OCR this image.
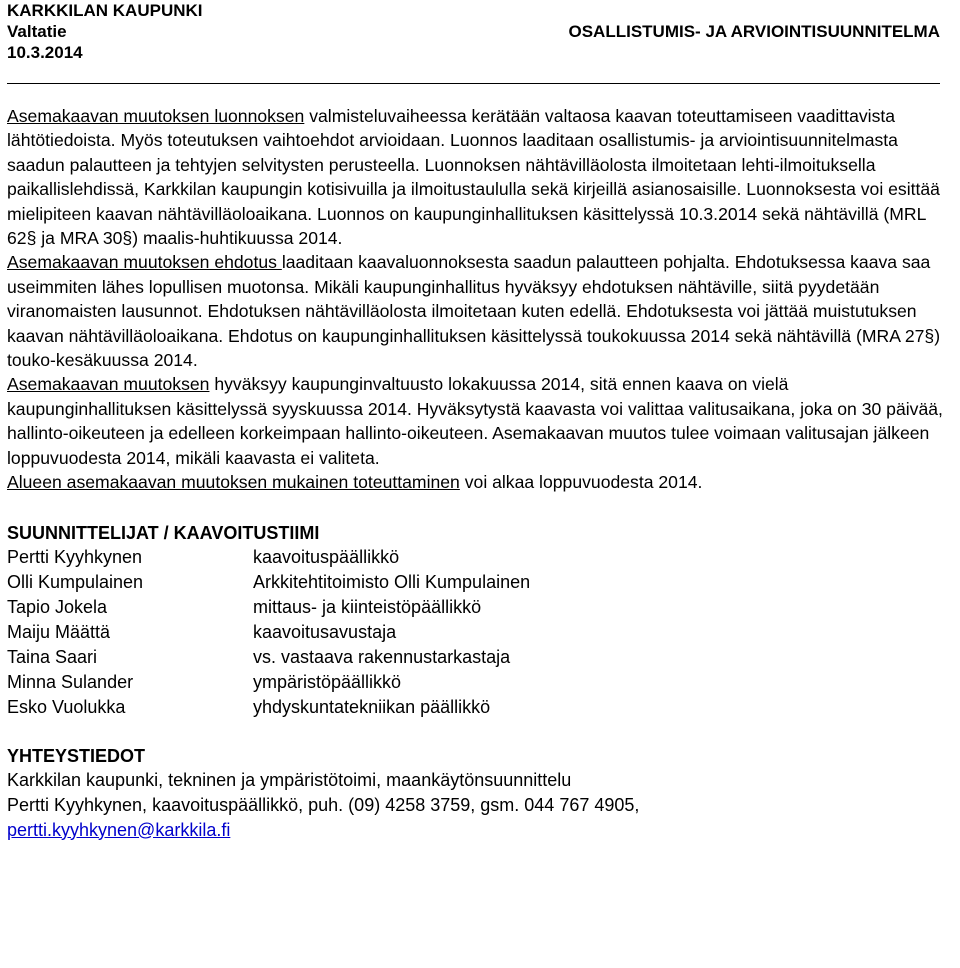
KARKKILAN KAUPUNKI
Valtatie	OSALLISTUMIS- JA ARVIOINTISUUNNITELMA
10.3.2014

Asemakaavan muutoksen luonnoksen valmisteluvaiheessa kerätään valtaosa kaavan toteuttamiseen vaadittavista lähtötiedoista. Myös toteutuksen vaihtoehdot arvioidaan. Luonnos laaditaan osallistumis- ja arviointisuunnitelmasta saadun palautteen ja tehtyjen selvitysten perusteella. Luonnoksen nähtävilläolosta ilmoitetaan lehti-ilmoituksella paikallislehdissä, Karkkilan kaupungin kotisivuilla ja ilmoitustaululla sekä kirjeillä asianosaisille. Luonnoksesta voi esittää mielipiteen kaavan nähtävilläoloaikana. Luonnos on kaupunginhallituksen käsittelyssä 10.3.2014 sekä nähtävillä (MRL 62§ ja MRA 30§) maalis-huhtikuussa 2014.

Asemakaavan muutoksen ehdotus laaditaan kaavaluonnoksesta saadun palautteen pohjalta. Ehdotuksessa kaava saa useimmiten lähes lopullisen muotonsa. Mikäli kaupunginhallitus hyväksyy ehdotuksen nähtäville, siitä pyydetään viranomaisten lausunnot. Ehdotuksen nähtävilläolosta ilmoitetaan kuten edellä. Ehdotuksesta voi jättää muistutuksen kaavan nähtävilläoloaikana. Ehdotus on kaupunginhallituksen käsittelyssä toukokuussa 2014 sekä nähtävillä (MRA 27§) touko-kesäkuussa 2014.

Asemakaavan muutoksen hyväksyy kaupunginvaltuusto lokakuussa 2014, sitä ennen kaava on vielä kaupunginhallituksen käsittelyssä syyskuussa 2014. Hyväksytystä kaavasta voi valittaa valitusaikana, joka on 30 päivää, hallinto-oikeuteen ja edelleen korkeimpaan hallinto-oikeuteen. Asemakaavan muutos tulee voimaan valitusajan jälkeen loppuvuodesta 2014, mikäli kaavasta ei valiteta.

Alueen asemakaavan muutoksen mukainen toteuttaminen voi alkaa loppuvuodesta 2014.

SUUNNITTELIJAT / KAAVOITUSTIIMI
Pertti Kyyhkynen	kaavoituspäällikkö
Olli Kumpulainen	Arkkitehtitoimisto Olli Kumpulainen
Tapio Jokela	mittaus- ja kiinteistöpäällikkö
Maiju Määttä	kaavoitusavustaja
Taina Saari	vs. vastaava rakennustarkastaja
Minna Sulander	ympäristöpäällikkö
Esko Vuolukka	yhdyskuntatekniikan päällikkö
YHTEYSTIEDOT
Karkkilan kaupunki, tekninen ja ympäristötoimi, maankäytönsuunnittelu
Pertti Kyyhkynen, kaavoituspäällikkö, puh. (09) 4258 3759, gsm. 044 767 4905,
pertti.kyyhkynen@karkkila.fi
